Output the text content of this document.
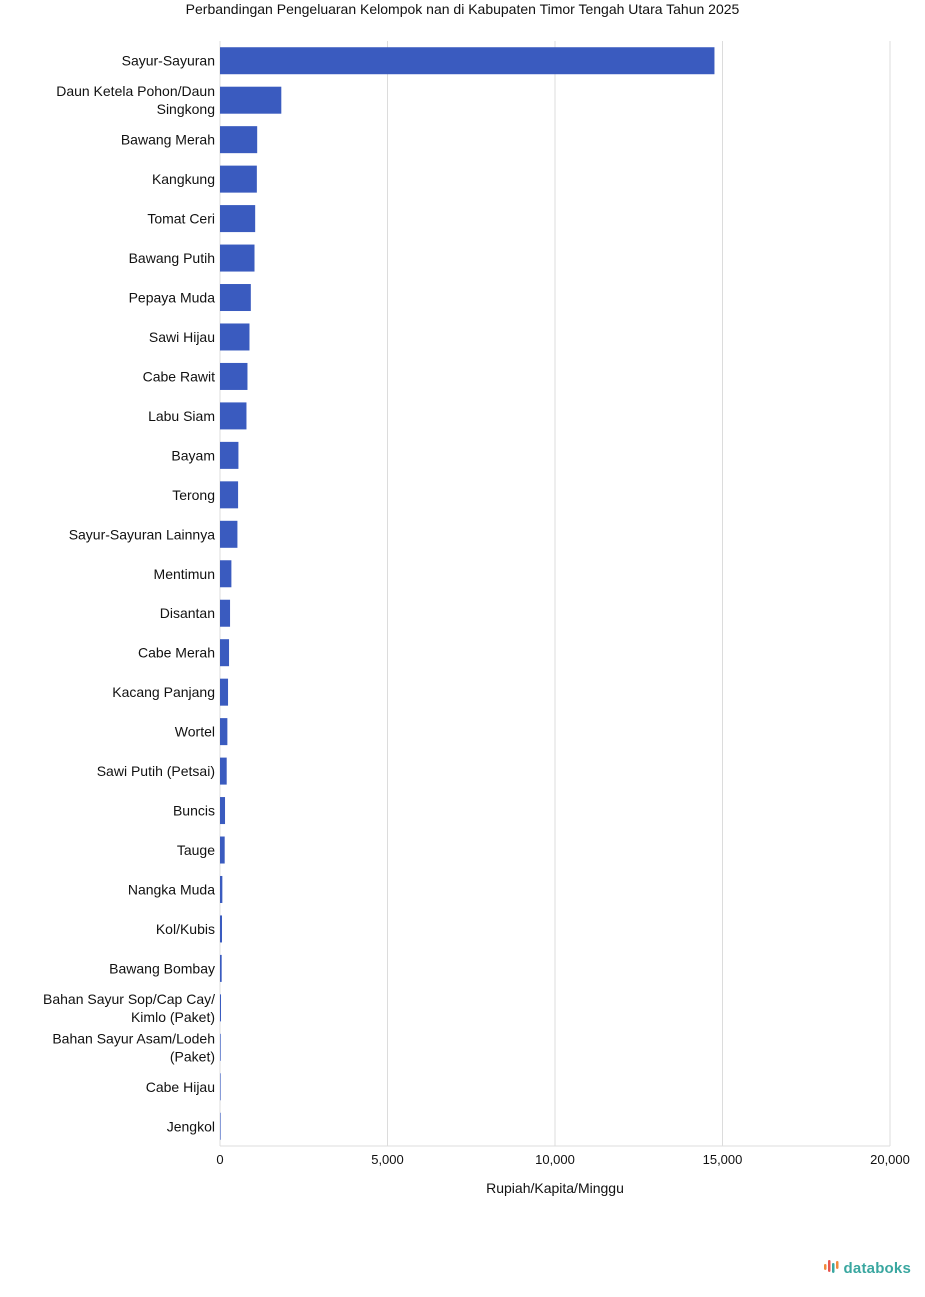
Perbandingan Pengeluaran Kelompok nan di Kabupaten Timor Tengah Utara Tahun 2025
Sayur-Sayuran
Daun Ketela Pohon/Daun
Singkong
Bawang Merah
Kangkung
Tomat Ceri
Bawang Putih
Pepaya Muda
Sawi Hijau
Cabe Rawit
Labu Siam
Bayam
Terong
Sayur-Sayuran Lainnya
Mentimun
Disantan
Cabe Merah
Kacang Panjang
Wortel
Sawi Putih (Petsai)
Buncis
Tauge
Nangka Muda
Kol/Kubis
Bawang Bombay
Bahan Sayur Sop/Cap Cay/
Kimlo (Paket)
Bahan Sayur Asam/Lodeh
(Paket)
Cabe Hijau
Jengkol
0	5,000	10,000	15,000	20,000
Rupiah/Kapita/Minggu
databoks
